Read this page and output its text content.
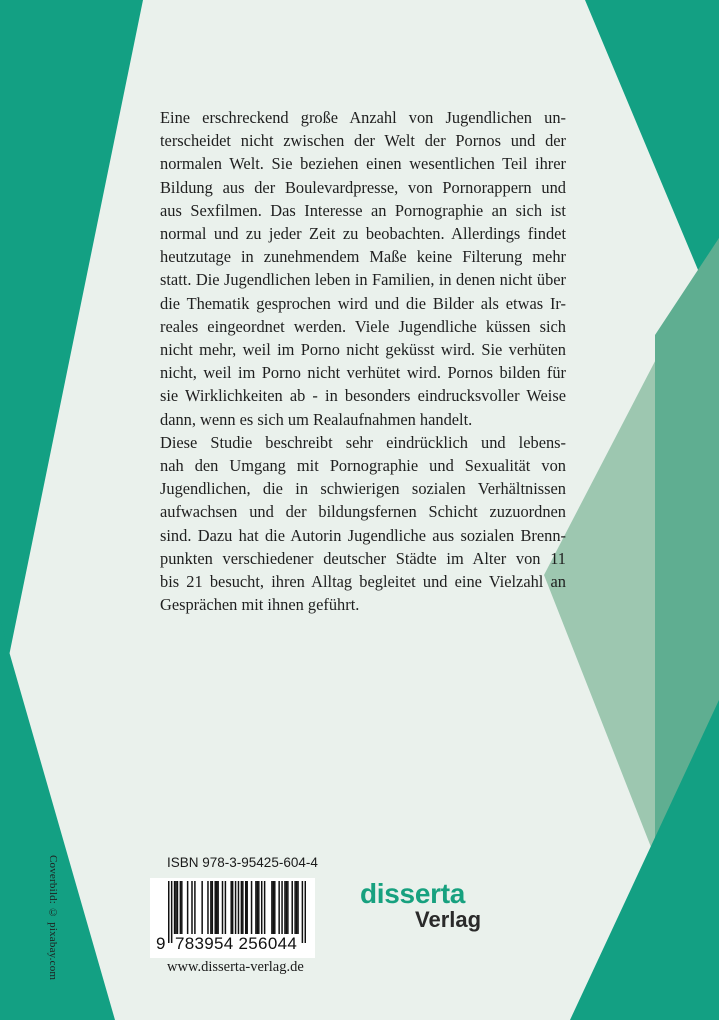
Eine erschreckend große Anzahl von Jugendlichen un-
terscheidet nicht zwischen der Welt der Pornos und der
normalen Welt. Sie beziehen einen wesentlichen Teil ihrer
Bildung aus der Boulevardpresse, von Pornorappern und
aus Sexfilmen. Das Interesse an Pornographie an sich ist
normal und zu jeder Zeit zu beobachten. Allerdings findet
heutzutage in zunehmendem Maße keine Filterung mehr
statt. Die Jugendlichen leben in Familien, in denen nicht über
die Thematik gesprochen wird und die Bilder als etwas Ir-
reales eingeordnet werden. Viele Jugendliche küssen sich
nicht mehr, weil im Porno nicht geküsst wird. Sie verhüten
nicht, weil im Porno nicht verhütet wird. Pornos bilden für
sie Wirklichkeiten ab - in besonders eindrucksvoller Weise
dann, wenn es sich um Realaufnahmen handelt.

Diese Studie beschreibt sehr eindrücklich und lebens-
nah den Umgang mit Pornographie und Sexualität von
Jugendlichen, die in schwierigen sozialen Verhältnissen
aufwachsen und der bildungsfernen Schicht zuzuordnen
sind. Dazu hat die Autorin Jugendliche aus sozialen Brenn-
punkten verschiedener deutscher Städte im Alter von 11
bis 21 besucht, ihren Alltag begleitet und eine Vielzahl an
Gesprächen mit ihnen geführt.

Coverbild: © pixabay.com	ISBN 978-3-95425-604-4
9 783954 256044
www.disserta-verlag.de
disserta
Verlag
